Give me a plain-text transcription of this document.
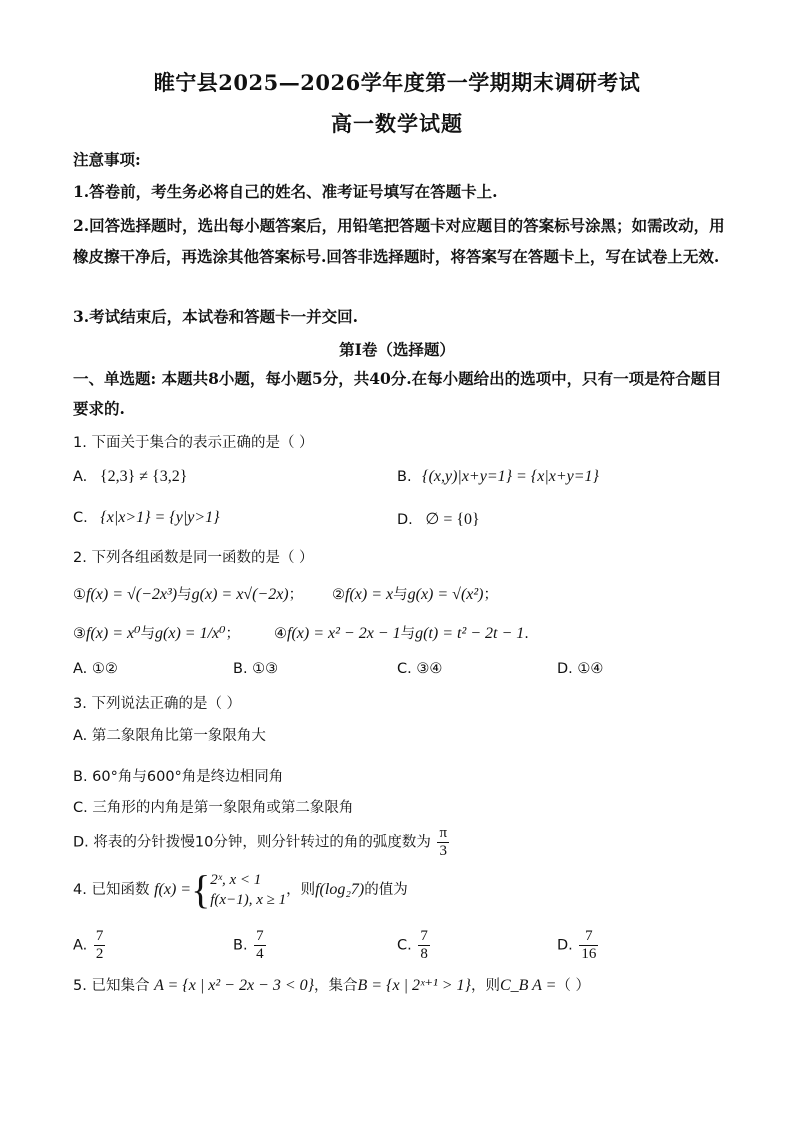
睢宁县2025—2026学年度第一学期期末调研考试
高一数学试题
注意事项:
1.答卷前，考生务必将自己的姓名、准考证号填写在答题卡上.
2.回答选择题时，选出每小题答案后，用铅笔把答题卡对应题目的答案标号涂黑；如需改动，用橡皮擦干净后，再选涂其他答案标号.回答非选择题时，将答案写在答题卡上，写在试卷上无效.
3.考试结束后，本试卷和答题卡一并交回.
第Ⅰ卷（选择题）
一、单选题: 本题共8小题，每小题5分，共40分.在每小题给出的选项中，只有一项是符合题目要求的.
1. 下面关于集合的表示正确的是（ ）
A. {2,3} ≠ {3,2}	B. {(x,y)|x+y=1} = {x|x+y=1}
C. {x|x>1} = {y|y>1}	D. ∅ = {0}
2. 下列各组函数是同一函数的是（ ）
①f(x) = √(−2x³)与g(x) = x√(−2x)； ②f(x) = x与g(x) = √(x²)；
③f(x) = x⁰与g(x) = 1/x⁰； ④f(x) = x² − 2x − 1与g(t) = t² − 2t − 1.
A. ①②	B. ①③	C. ③④	D. ①④
3. 下列说法正确的是（ ）
A. 第二象限角比第一象限角大
B. 60°角与600°角是终边相同角
C. 三角形的内角是第一象限角或第二象限角
D. 将表的分针拨慢10分钟，则分针转过的角的弧度数为 $\frac{\pi}{3}$
4. 已知函数 f(x) ={ 2ˣ, x < 1
f(x−1), x ≥ 1
，则f(log₂7)的值为
A. $\frac{7}{2}$	B. $\frac{7}{4}$	C. $\frac{7}{8}$	D. $\frac{7}{16}$
5. 已知集合 A = {x | x² − 2x − 3 < 0}，集合B = {x | 2ˣ⁺¹ > 1}，则C_B A =（ ）
